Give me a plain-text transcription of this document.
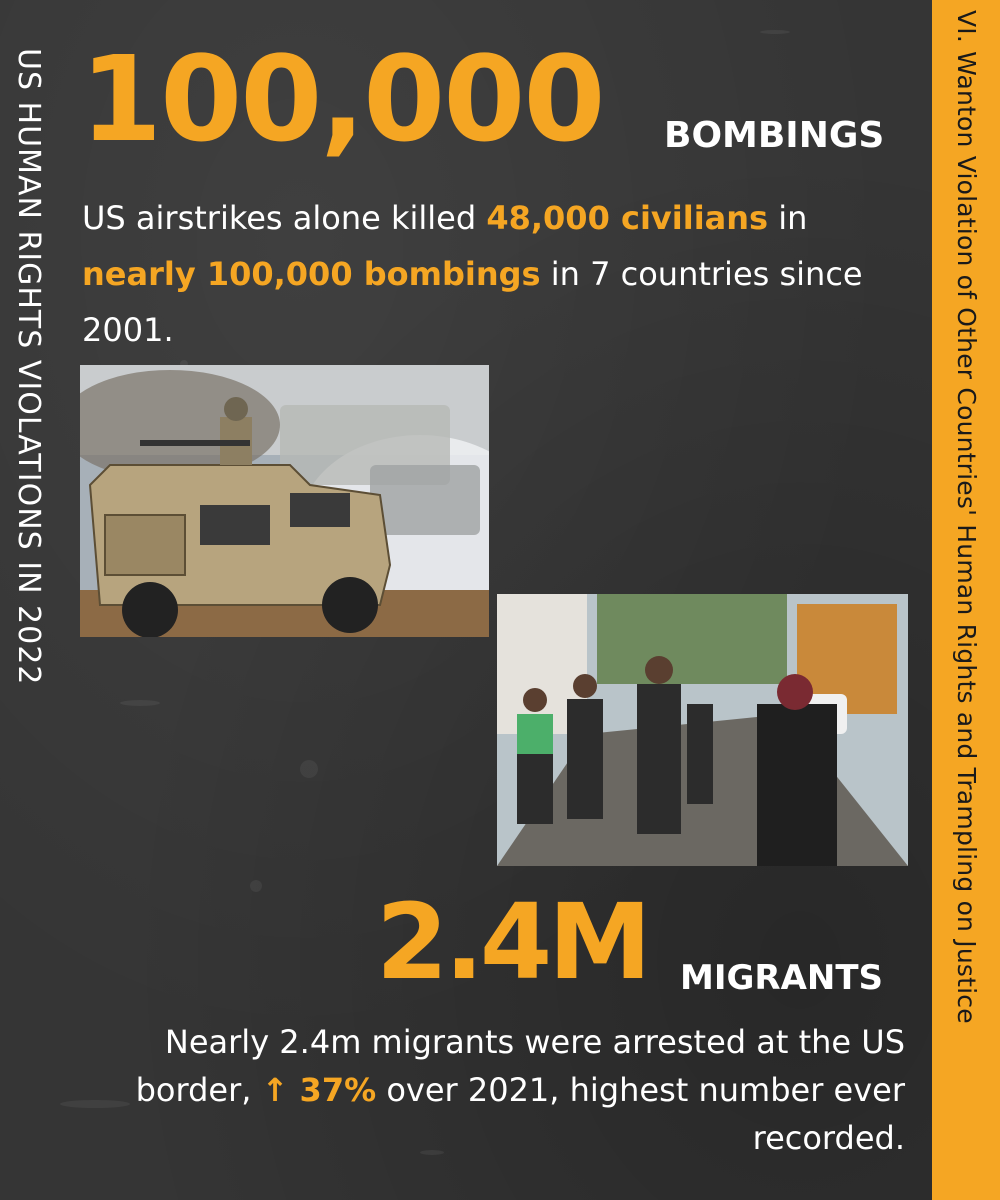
US HUMAN RIGHTS VIOLATIONS IN 2022	VI. Wanton Violation of Other Countries' Human Rights and Trampling on Justice
100,000 BOMBINGS
US airstrikes alone killed 48,000 civilians in nearly 100,000 bombings in 7 countries since 2001.
2.4M MIGRANTS
Nearly 2.4m migrants were arrested at the US border, ↑ 37% over 2021, highest number ever recorded.
